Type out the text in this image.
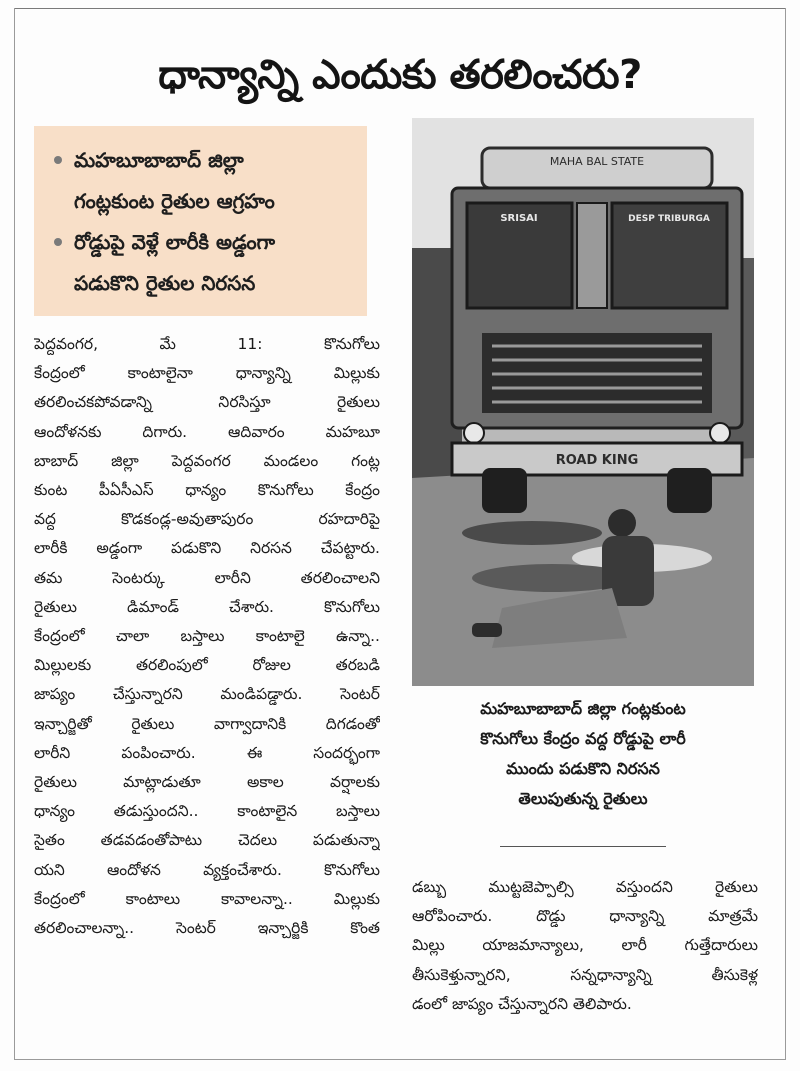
ధాన్యాన్ని ఎందుకు తరలించరు?
మహబూబాబాద్ జిల్లా
గంట్లకుంట రైతుల ఆగ్రహం
రోడ్డుపై వెళ్లే లారీకి అడ్డంగా
పడుకొని రైతుల నిరసన
పెద్దవంగర, మే 11: కొనుగోలు
కేంద్రంలో కాంటాలైనా ధాన్యాన్ని మిల్లుకు
తరలించకపోవడాన్ని నిరసిస్తూ రైతులు
ఆందోళనకు దిగారు. ఆదివారం మహబూ
బాబాద్ జిల్లా పెద్దవంగర మండలం గంట్ల
కుంట పీఏసీఎస్ ధాన్యం కొనుగోలు కేంద్రం
వద్ద కొడకండ్ల-అవుతాపురం రహదారిపై
లారీకి అడ్డంగా పడుకొని నిరసన చేపట్టారు.
తమ సెంటర్కు లారీని తరలించాలని
రైతులు డిమాండ్ చేశారు. కొనుగోలు
కేంద్రంలో చాలా బస్తాలు కాంటాలై ఉన్నా..
మిల్లులకు తరలింపులో రోజుల తరబడి
జాప్యం చేస్తున్నారని మండిపడ్డారు. సెంటర్
ఇన్చార్జితో రైతులు వాగ్వాదానికి దిగడంతో
లారీని పంపించారు. ఈ సందర్భంగా
రైతులు మాట్లాడుతూ అకాల వర్షాలకు
ధాన్యం తడుస్తుందని.. కాంటాలైన బస్తాలు
సైతం తడవడంతోపాటు చెదలు పడుతున్నా
యని ఆందోళన వ్యక్తంచేశారు. కొనుగోలు
కేంద్రంలో కాంటాలు కావాలన్నా.. మిల్లుకు
తరలించాలన్నా.. సెంటర్ ఇన్చార్జికి కొంత
MAHA BAL STATE
SRISAI	DESP TRIBURGA
ROAD KING
మహబూబాబాద్ జిల్లా గంట్లకుంట
కొనుగోలు కేంద్రం వద్ద రోడ్డుపై లారీ
ముందు పడుకొని నిరసన
తెలుపుతున్న రైతులు
డబ్బు ముట్టజెప్పాల్సి వస్తుందని రైతులు
ఆరోపించారు. దొడ్డు ధాన్యాన్ని మాత్రమే
మిల్లు యాజమాన్యాలు, లారీ గుత్తేదారులు
తీసుకెళ్తున్నారని, సన్నధాన్యాన్ని తీసుకెళ్ల
డంలో జాప్యం చేస్తున్నారని తెలిపారు.
